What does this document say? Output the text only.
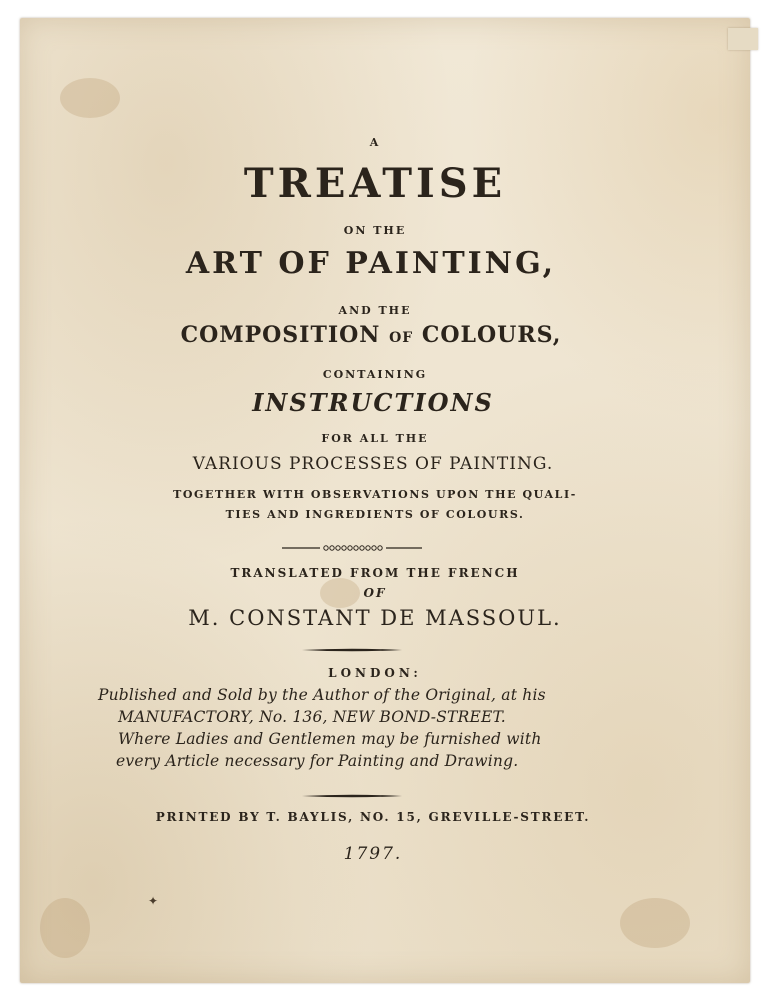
A
TREATISE
ON THE
ART OF PAINTING,
AND THE
COMPOSITION OF COLOURS,
CONTAINING
INSTRUCTIONS
FOR ALL THE
VARIOUS PROCESSES OF PAINTING.
TOGETHER WITH OBSERVATIONS UPON THE QUALI-
TIES AND INGREDIENTS OF COLOURS.
TRANSLATED FROM THE FRENCH
OF
M. CONSTANT DE MASSOUL.
LONDON:
Published and Sold by the Author of the Original, at his
MANUFACTORY, No. 136, NEW BOND-STREET.
Where Ladies and Gentlemen may be furnished with
every Article necessary for Painting and Drawing.
PRINTED BY T. BAYLIS, NO. 15, GREVILLE-STREET.
1797.
✦
